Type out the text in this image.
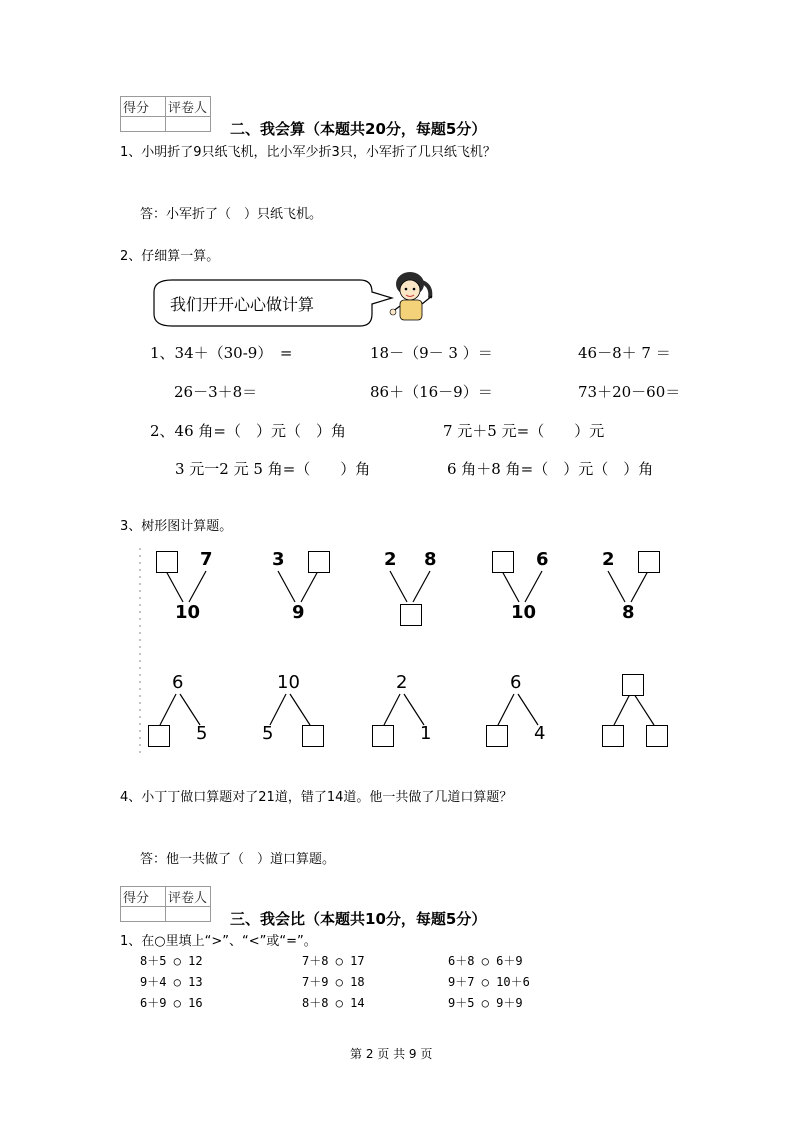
得分	评卷人

二、我会算（本题共20分，每题5分）
1、小明折了9只纸飞机，比小军少折3只，小军折了几只纸飞机？
答：小军折了（　）只纸飞机。
2、仔细算一算。
我们开开心心做计算
1、34＋（30-9）　=	18－（9－ 3 ）＝	46－8＋ 7 ＝
26－3＋8＝	86＋（16－9）＝	73＋20－60＝
2、46 角=（　）元（　）角	7 元＋5 元=（　　）元
3 元一2 元 5 角=（　　）角	6 角＋8 角=（　）元（　）角
3、树形图计算题。
7
10
3
9
2 8	6
10
2
8
6
5
10
5
2
1
6
4
4、小丁丁做口算题对了21道，错了14道。他一共做了几道口算题？
答：他一共做了（　）道口算题。
得分	评卷人

三、我会比（本题共10分，每题5分）
1、在○里填上“>”、“<”或“=”。
8＋5 ○ 12	7＋8 ○ 17	6＋8 ○ 6＋9
9＋4 ○ 13	7＋9 ○ 18	9＋7 ○ 10＋6
6＋9 ○ 16	8＋8 ○ 14	9＋5 ○ 9＋9
第 2 页 共 9 页
